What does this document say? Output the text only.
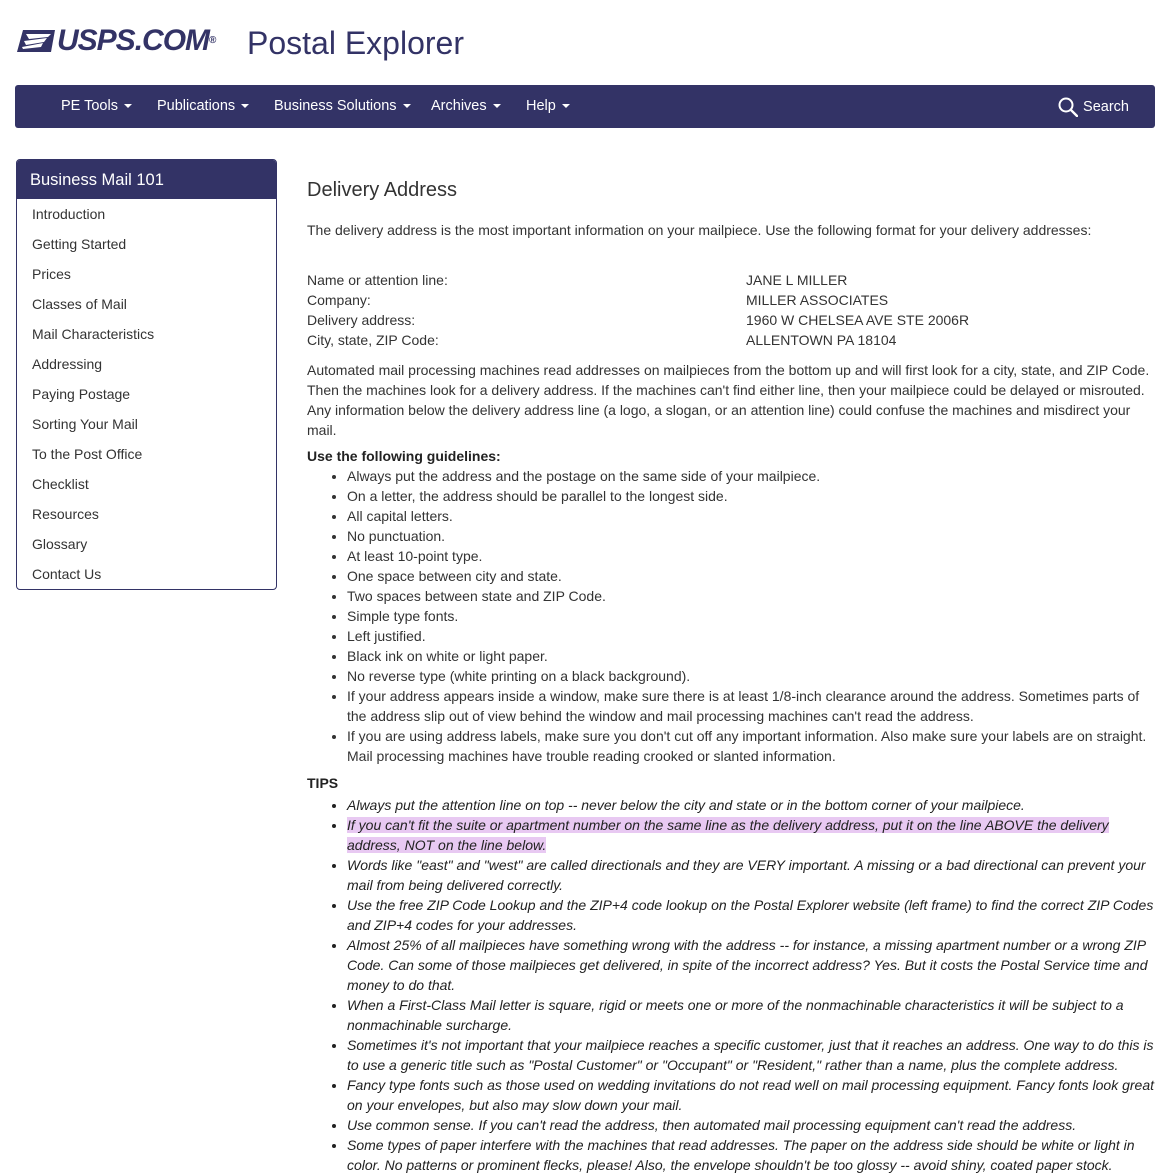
USPS.COM® Postal Explorer
PE Tools	Publications	Business Solutions	Archives	Help	Search
Business Mail 101
Introduction
Getting Started
Prices
Classes of Mail
Mail Characteristics
Addressing
Paying Postage
Sorting Your Mail
To the Post Office
Checklist
Resources
Glossary
Contact Us
Delivery Address

The delivery address is the most important information on your mailpiece. Use the following format for your delivery addresses:

Name or attention line:	JANE L MILLER
Company:	MILLER ASSOCIATES
Delivery address:	1960 W CHELSEA AVE STE 2006R
City, state, ZIP Code:	ALLENTOWN PA 18104

Automated mail processing machines read addresses on mailpieces from the bottom up and will first look for a city, state, and ZIP Code. Then the machines look for a delivery address. If the machines can't find either line, then your mailpiece could be delayed or misrouted. Any information below the delivery address line (a logo, a slogan, or an attention line) could confuse the machines and misdirect your mail.

Use the following guidelines:

• Always put the address and the postage on the same side of your mailpiece.
• On a letter, the address should be parallel to the longest side.
• All capital letters.
• No punctuation.
• At least 10-point type.
• One space between city and state.
• Two spaces between state and ZIP Code.
• Simple type fonts.
• Left justified.
• Black ink on white or light paper.
• No reverse type (white printing on a black background).
• If your address appears inside a window, make sure there is at least 1/8-inch clearance around the address. Sometimes parts of the address slip out of view behind the window and mail processing machines can't read the address.
• If you are using address labels, make sure you don't cut off any important information. Also make sure your labels are on straight. Mail processing machines have trouble reading crooked or slanted information.

TIPS

• Always put the attention line on top -- never below the city and state or in the bottom corner of your mailpiece.
• If you can't fit the suite or apartment number on the same line as the delivery address, put it on the line ABOVE the delivery address, NOT on the line below.
• Words like "east" and "west" are called directionals and they are VERY important. A missing or a bad directional can prevent your mail from being delivered correctly.
• Use the free ZIP Code Lookup and the ZIP+4 code lookup on the Postal Explorer website (left frame) to find the correct ZIP Codes and ZIP+4 codes for your addresses.
• Almost 25% of all mailpieces have something wrong with the address -- for instance, a missing apartment number or a wrong ZIP Code. Can some of those mailpieces get delivered, in spite of the incorrect address? Yes. But it costs the Postal Service time and money to do that.
• When a First-Class Mail letter is square, rigid or meets one or more of the nonmachinable characteristics it will be subject to a nonmachinable surcharge.
• Sometimes it's not important that your mailpiece reaches a specific customer, just that it reaches an address. One way to do this is to use a generic title such as "Postal Customer" or "Occupant" or "Resident," rather than a name, plus the complete address.
• Fancy type fonts such as those used on wedding invitations do not read well on mail processing equipment. Fancy fonts look great on your envelopes, but also may slow down your mail.
• Use common sense. If you can't read the address, then automated mail processing equipment can't read the address.
• Some types of paper interfere with the machines that read addresses. The paper on the address side should be white or light in color. No patterns or prominent flecks, please! Also, the envelope shouldn't be too glossy -- avoid shiny, coated paper stock.
